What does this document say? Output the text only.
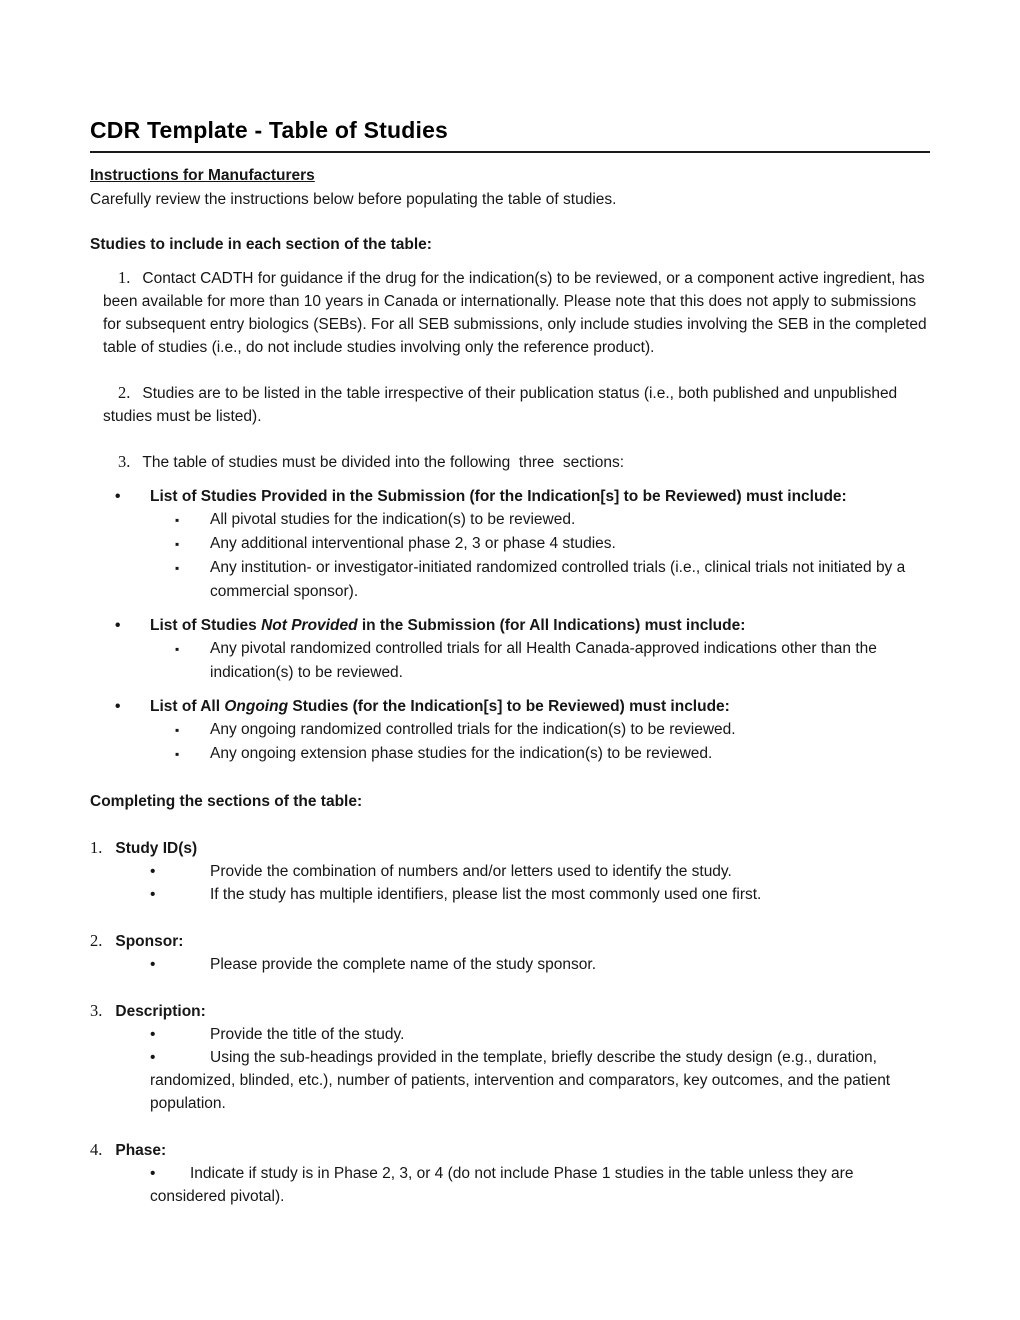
CDR Template - Table of Studies

Instructions for Manufacturers

Carefully review the instructions below before populating the table of studies.

Studies to include in each section of the table:

1. Contact CADTH for guidance if the drug for the indication(s) to be reviewed, or a component active ingredient, has been available for more than 10 years in Canada or internationally. Please note that this does not apply to submissions for subsequent entry biologics (SEBs). For all SEB submissions, only include studies involving the SEB in the completed table of studies (i.e., do not include studies involving only the reference product).
2. Studies are to be listed in the table irrespective of their publication status (i.e., both published and unpublished studies must be listed).
3. The table of studies must be divided into the following  three  sections:
• List of Studies Provided in the Submission (for the Indication[s] to be Reviewed) must include:
▪ All pivotal studies for the indication(s) to be reviewed.
▪ Any additional interventional phase 2, 3 or phase 4 studies.
▪ Any institution- or investigator-initiated randomized controlled trials (i.e., clinical trials not initiated by a commercial sponsor).
• List of Studies Not Provided in the Submission (for All Indications) must include:
▪ Any pivotal randomized controlled trials for all Health Canada-approved indications other than the indication(s) to be reviewed.
• List of All Ongoing Studies (for the Indication[s] to be Reviewed) must include:
▪ Any ongoing randomized controlled trials for the indication(s) to be reviewed.
▪ Any ongoing extension phase studies for the indication(s) to be reviewed.

Completing the sections of the table:

1. Study ID(s)
•	Provide the combination of numbers and/or letters used to identify the study.
•	If the study has multiple identifiers, please list the most commonly used one first.
2. Sponsor:
•	Please provide the complete name of the study sponsor.
3. Description:
•	Provide the title of the study.
•	Using the sub-headings provided in the template, briefly describe the study design (e.g., duration, randomized, blinded, etc.), number of patients, intervention and comparators, key outcomes, and the patient population.
4. Phase:
• Indicate if study is in Phase 2, 3, or 4 (do not include Phase 1 studies in the table unless they are considered pivotal).
